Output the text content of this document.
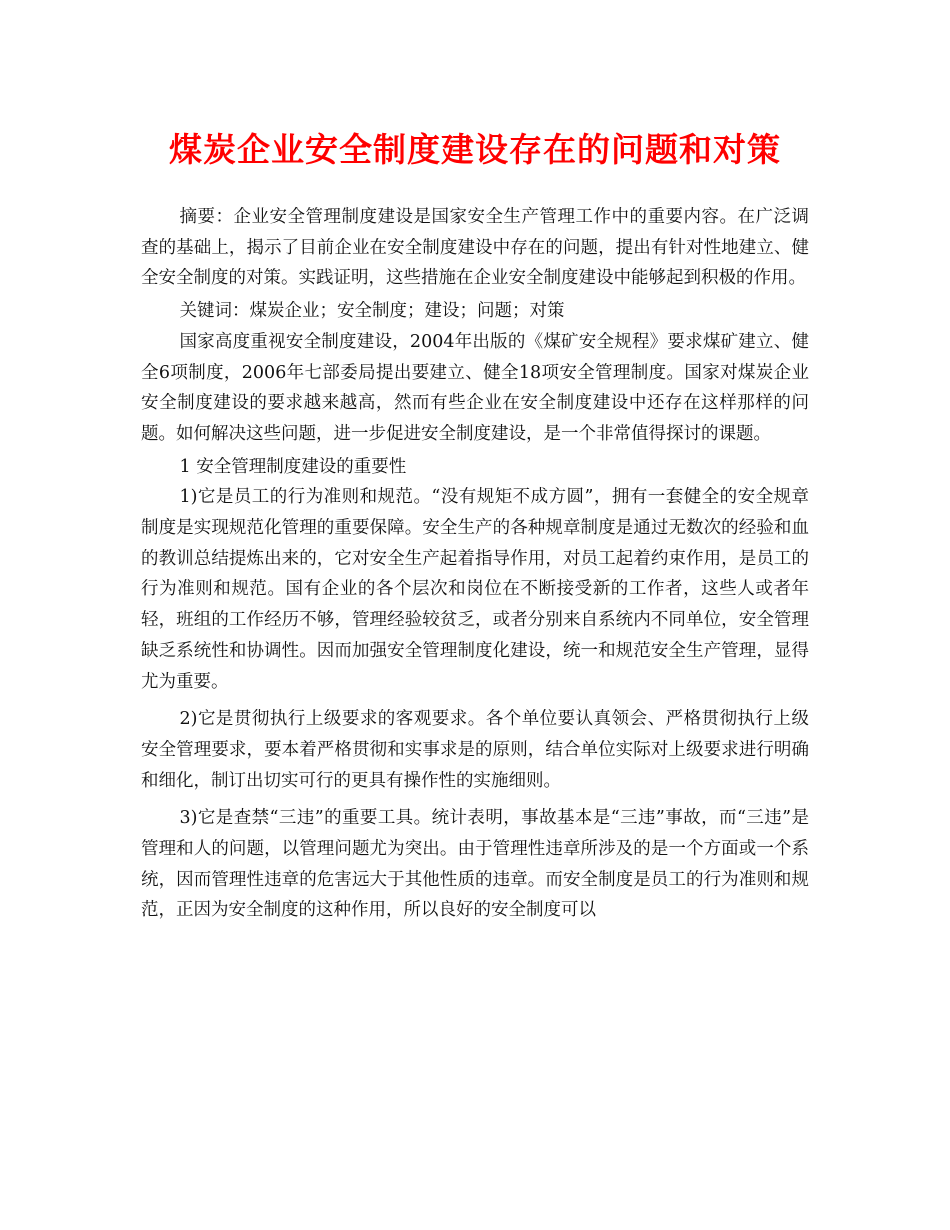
煤炭企业安全制度建设存在的问题和对策

摘要：企业安全管理制度建设是国家安全生产管理工作中的重要内容。在广泛调查的基础上，揭示了目前企业在安全制度建设中存在的问题，提出有针对性地建立、健全安全制度的对策。实践证明，这些措施在企业安全制度建设中能够起到积极的作用。

关键词：煤炭企业；安全制度；建设；问题；对策

国家高度重视安全制度建设，2004年出版的《煤矿安全规程》要求煤矿建立、健全6项制度，2006年七部委局提出要建立、健全18项安全管理制度。国家对煤炭企业安全制度建设的要求越来越高，然而有些企业在安全制度建设中还存在这样那样的问题。如何解决这些问题，进一步促进安全制度建设，是一个非常值得探讨的课题。

1 安全管理制度建设的重要性

1)它是员工的行为准则和规范。“没有规矩不成方圆”，拥有一套健全的安全规章制度是实现规范化管理的重要保障。安全生产的各种规章制度是通过无数次的经验和血的教训总结提炼出来的，它对安全生产起着指导作用，对员工起着约束作用，是员工的行为准则和规范。国有企业的各个层次和岗位在不断接受新的工作者，这些人或者年轻，班组的工作经历不够，管理经验较贫乏，或者分别来自系统内不同单位，安全管理缺乏系统性和协调性。因而加强安全管理制度化建设，统一和规范安全生产管理，显得尤为重要。

2)它是贯彻执行上级要求的客观要求。各个单位要认真领会、严格贯彻执行上级安全管理要求，要本着严格贯彻和实事求是的原则，结合单位实际对上级要求进行明确和细化，制订出切实可行的更具有操作性的实施细则。

3)它是查禁“三违”的重要工具。统计表明，事故基本是“三违”事故，而“三违”是管理和人的问题，以管理问题尤为突出。由于管理性违章所涉及的是一个方面或一个系统，因而管理性违章的危害远大于其他性质的违章。而安全制度是员工的行为准则和规范，正因为安全制度的这种作用，所以良好的安全制度可以
